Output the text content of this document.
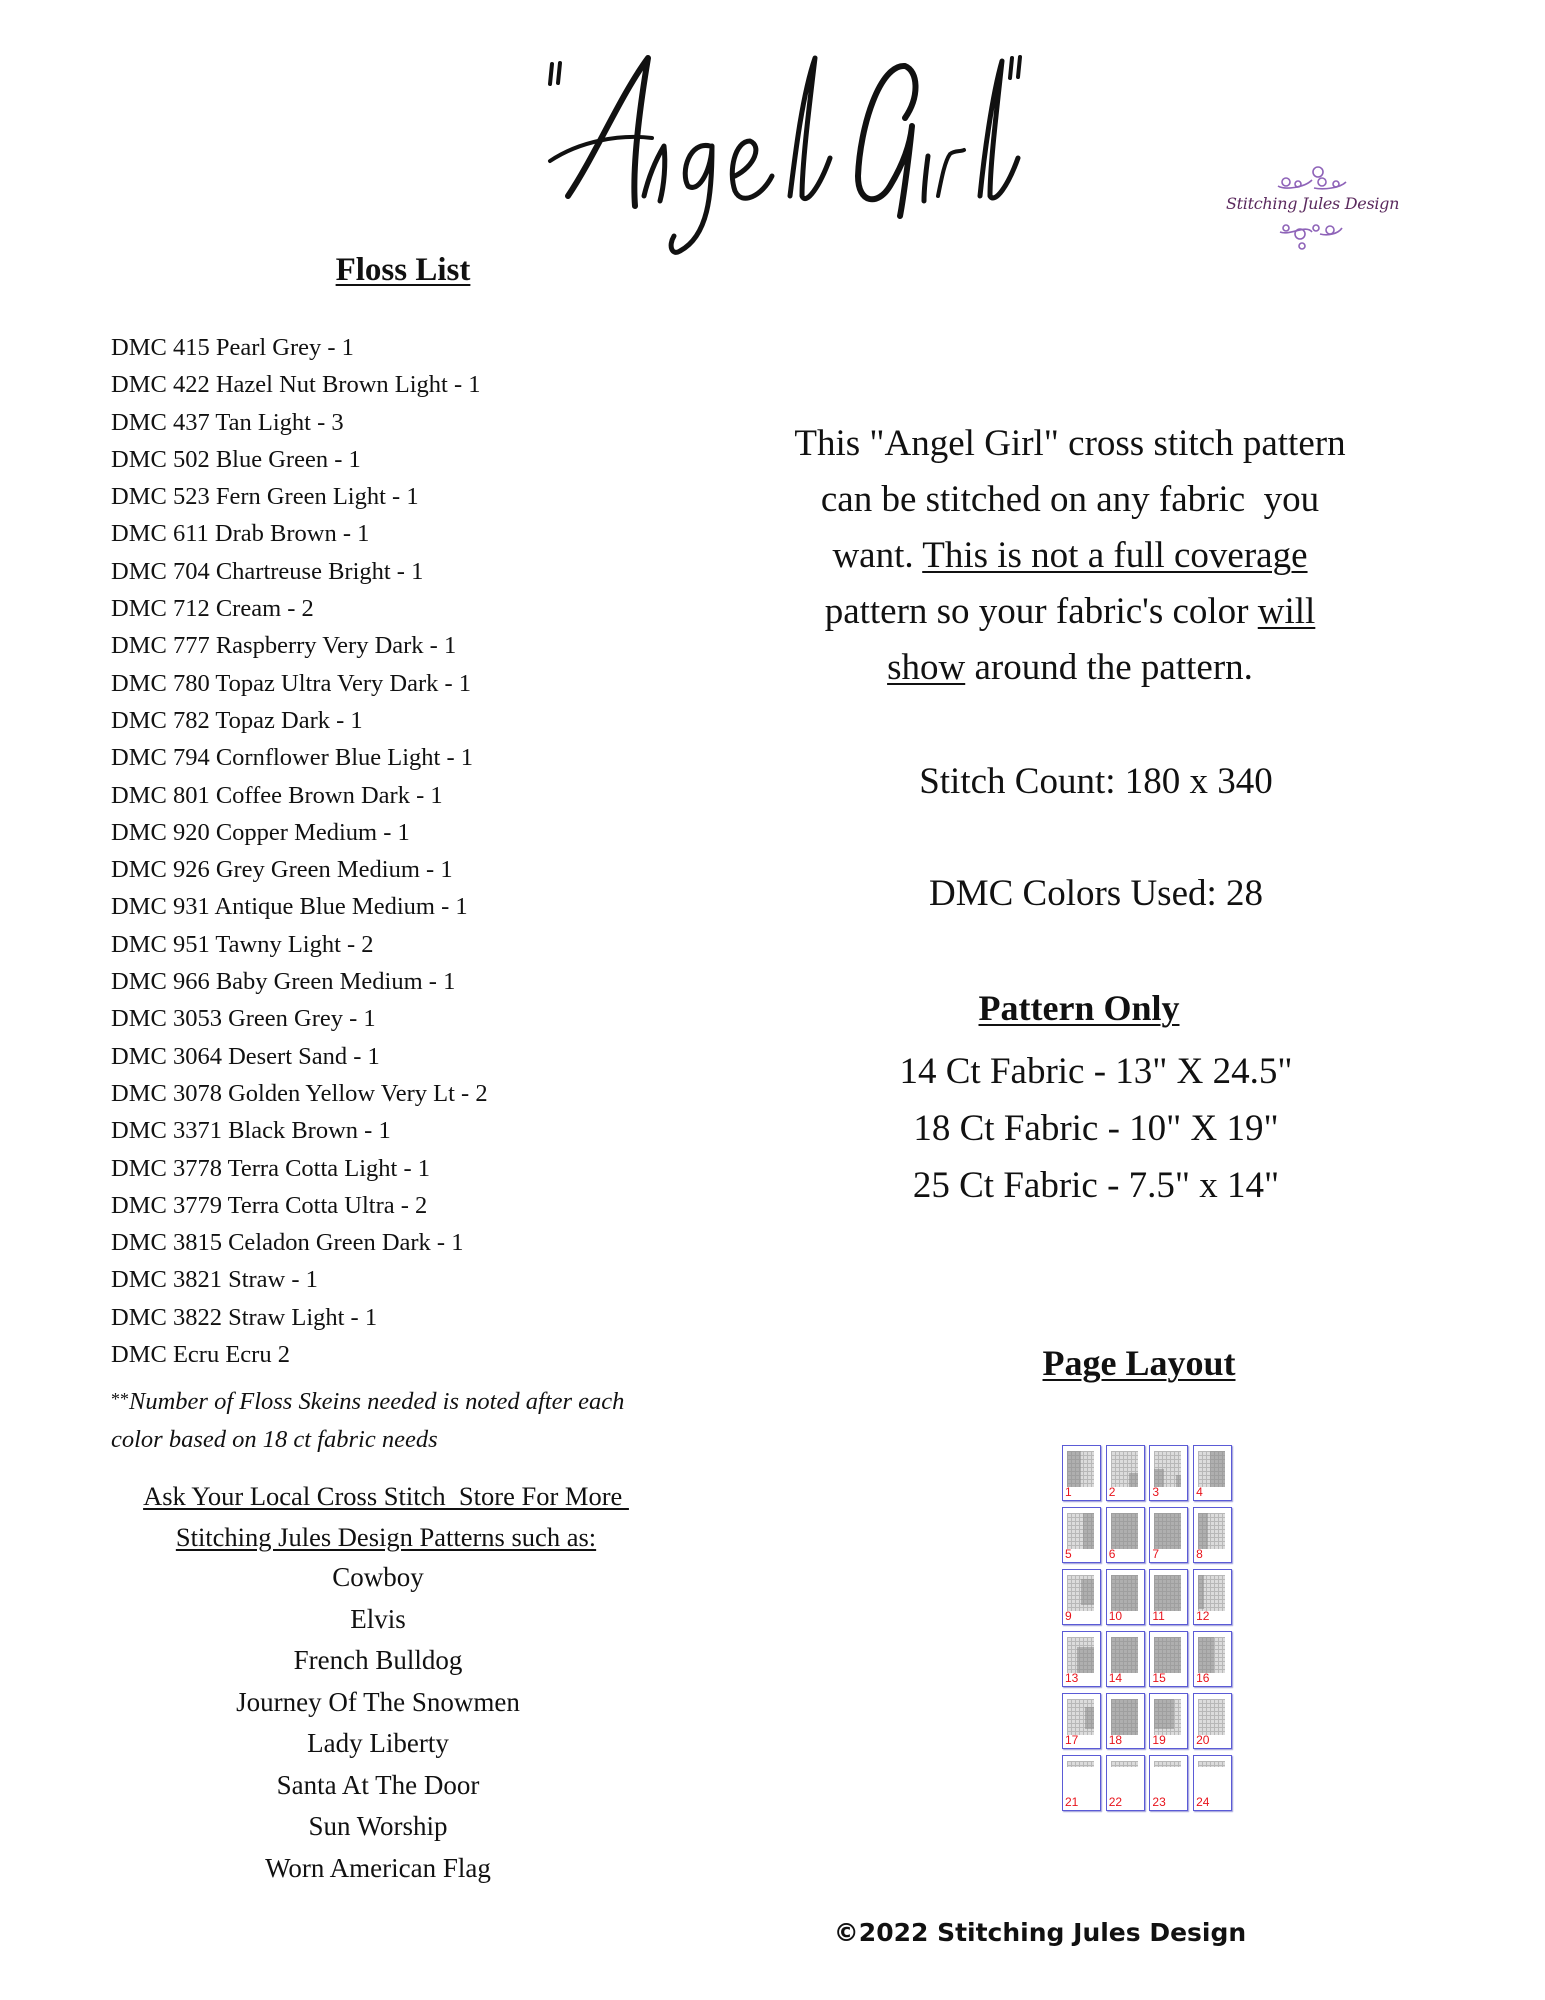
Stitching Jules Design
Floss List
DMC 415 Pearl Grey - 1
DMC 422 Hazel Nut Brown Light - 1
DMC 437 Tan Light - 3
DMC 502 Blue Green - 1
DMC 523 Fern Green Light - 1
DMC 611 Drab Brown - 1
DMC 704 Chartreuse Bright - 1
DMC 712 Cream - 2
DMC 777 Raspberry Very Dark - 1
DMC 780 Topaz Ultra Very Dark - 1
DMC 782 Topaz Dark - 1
DMC 794 Cornflower Blue Light - 1
DMC 801 Coffee Brown Dark - 1
DMC 920 Copper Medium - 1
DMC 926 Grey Green Medium - 1
DMC 931 Antique Blue Medium - 1
DMC 951 Tawny Light - 2
DMC 966 Baby Green Medium - 1
DMC 3053 Green Grey - 1
DMC 3064 Desert Sand - 1
DMC 3078 Golden Yellow Very Lt - 2
DMC 3371 Black Brown - 1
DMC 3778 Terra Cotta Light - 1
DMC 3779 Terra Cotta Ultra - 2
DMC 3815 Celadon Green Dark - 1
DMC 3821 Straw - 1
DMC 3822 Straw Light - 1
DMC Ecru Ecru 2
**Number of Floss Skeins needed is noted after each
color based on 18 ct fabric needs
Ask Your Local Cross Stitch  Store For More
Stitching Jules Design Patterns such as:
Cowboy
Elvis
French Bulldog
Journey Of The Snowmen
Lady Liberty
Santa At The Door
Sun Worship
Worn American Flag
This "Angel Girl" cross stitch pattern
can be stitched on any fabric  you
want. This is not a full coverage
pattern so your fabric's color will
show around the pattern.
Stitch Count: 180 x 340
DMC Colors Used: 28
Pattern Only
14 Ct Fabric - 13" X 24.5"
18 Ct Fabric - 10" X 19"
25 Ct Fabric - 7.5" x 14"
Page Layout
1	2	3	4
5	6	7	8
9	10	11	12
13	14	15	16
17	18	19	20
21	22	23	24
©2022 Stitching Jules Design
